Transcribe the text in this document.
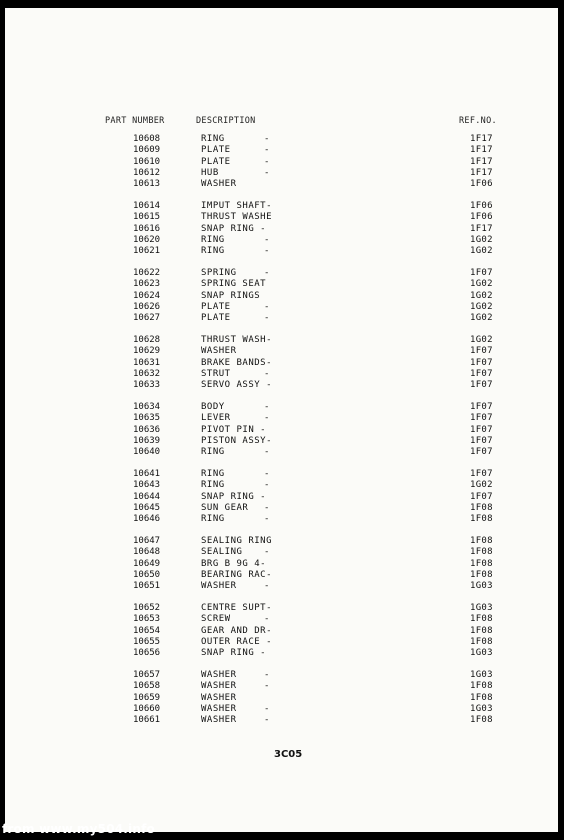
PART NUMBER	DESCRIPTION	REF.NO.
10608	RING	-	1F17
10609	PLATE	-	1F17
10610	PLATE	-	1F17
10612	HUB	-	1F17
10613	WASHER	1F06
10614	IMPUT SHAFT-	1F06
10615	THRUST WASHE	1F06
10616	SNAP RING -	1F17
10620	RING	-	1G02
10621	RING	-	1G02
10622	SPRING	-	1F07
10623	SPRING SEAT	1G02
10624	SNAP RINGS	1G02
10626	PLATE	-	1G02
10627	PLATE	-	1G02
10628	THRUST WASH-	1G02
10629	WASHER	1F07
10631	BRAKE BANDS-	1F07
10632	STRUT	-	1F07
10633	SERVO ASSY -	1F07
10634	BODY	-	1F07
10635	LEVER	-	1F07
10636	PIVOT PIN -	1F07
10639	PISTON ASSY-	1F07
10640	RING	-	1F07
10641	RING	-	1F07
10643	RING	-	1G02
10644	SNAP RING -	1F07
10645	SUN GEAR -	1F08
10646	RING	-	1F08
10647	SEALING RING	1F08
10648	SEALING -	1F08
10649	BRG B 9G 4-	1F08
10650	BEARING RAC-	1F08
10651	WASHER	-	1G03
10652	CENTRE SUPT-	1G03
10653	SCREW	-	1F08
10654	GEAR AND DR-	1F08
10655	OUTER RACE -	1F08
10656	SNAP RING -	1G03
10657	WASHER	-	1G03
10658	WASHER	-	1F08
10659	WASHER	1F08
10660	WASHER	-	1G03
10661	WASHER	-	1F08
3C05
from www.my504.info
